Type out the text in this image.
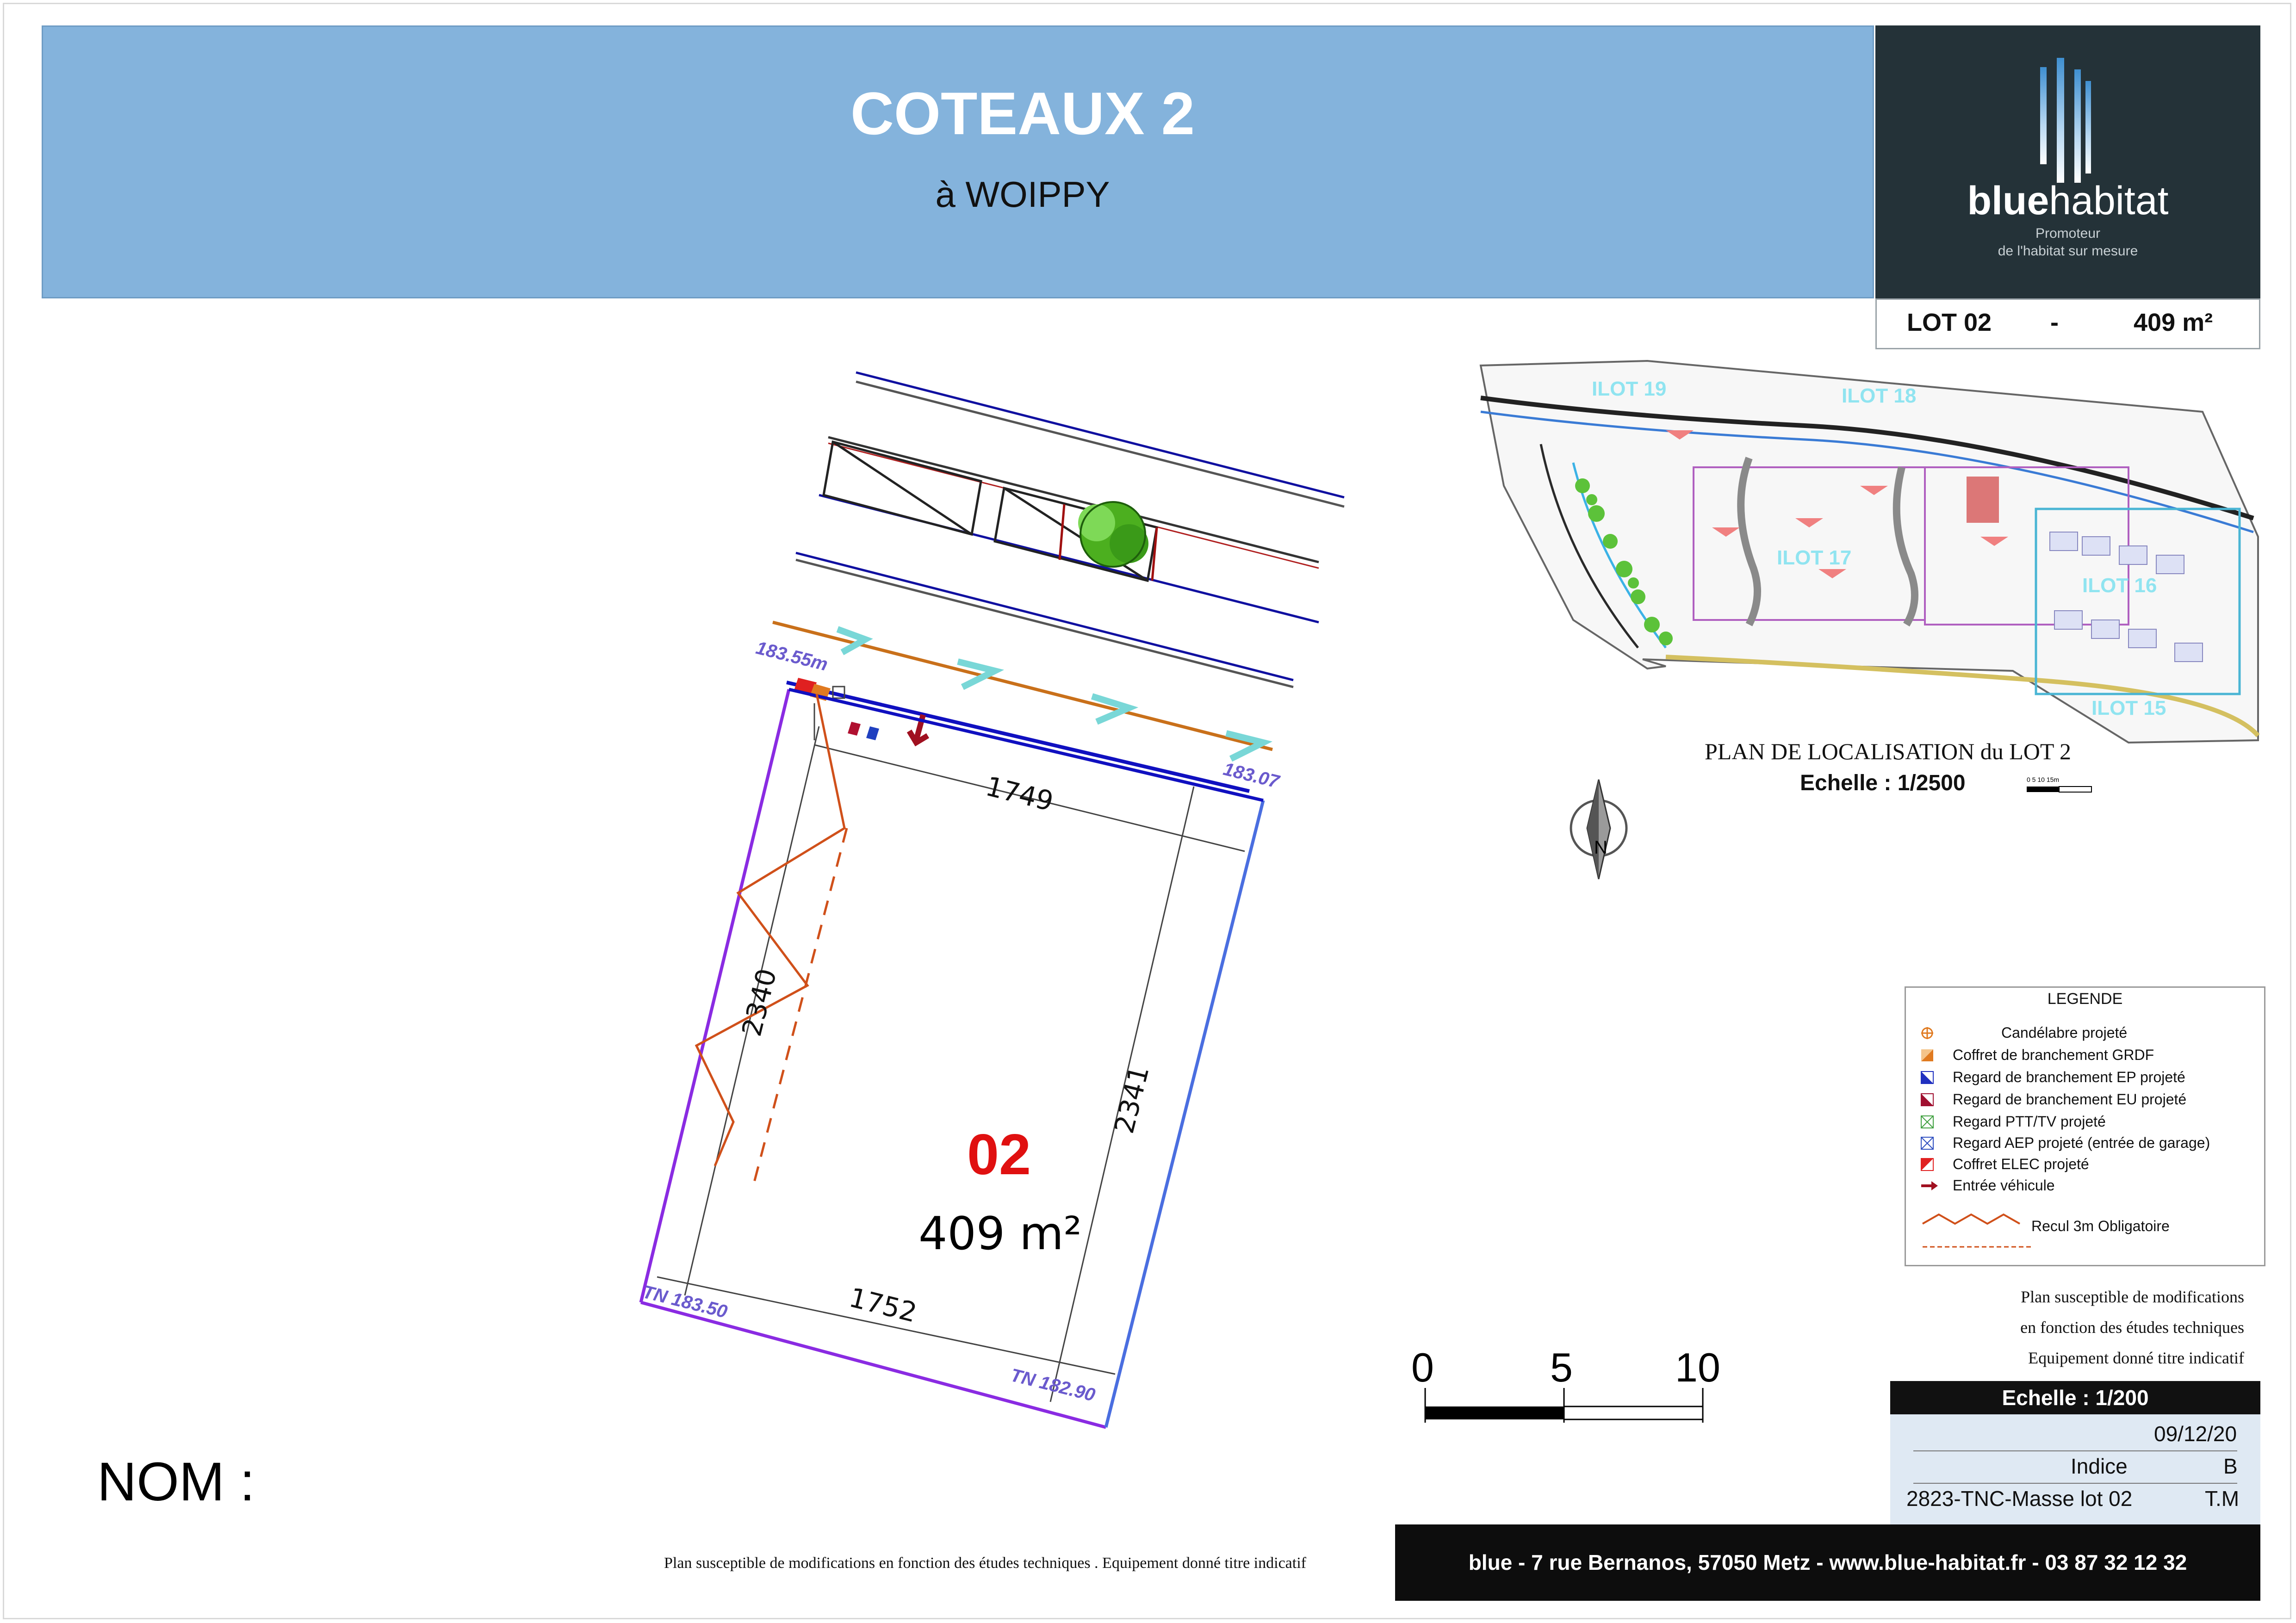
COTEAUX 2
à WOIPPY	bluehabitat
Promoteur
de l'habitat sur mesure
LOT 02 -	409 m²
ILOT 19	ILOT 18
ILOT 17
ILOT 16
ILOT 15
0 5 10 15m
N
183.55m
183.07
TN 183.50
TN 182.90
1749
2340
2341
1752
02
409 m²
PLAN DE LOCALISATION du LOT 2
Echelle : 1/2500
LEGENDE
Candélabre projeté
Coffret de branchement GRDF
Regard de branchement EP projeté
Regard de branchement EU projeté
Regard PTT/TV projeté
Regard AEP projeté (entrée de garage)
Coffret ELEC projeté
Entrée véhicule
Recul 3m Obligatoire
Plan susceptible de modifications
en fonction des études techniques
Equipement donné titre indicatif
0	5	10
Echelle : 1/200
09/12/20
Indice	B
2823-TNC-Masse lot 02	T.M
blue - 7 rue Bernanos, 57050 Metz - www.blue-habitat.fr - 03 87 32 12 32
NOM :
Plan susceptible de modifications en fonction des études techniques . Equipement donné titre indicatif
